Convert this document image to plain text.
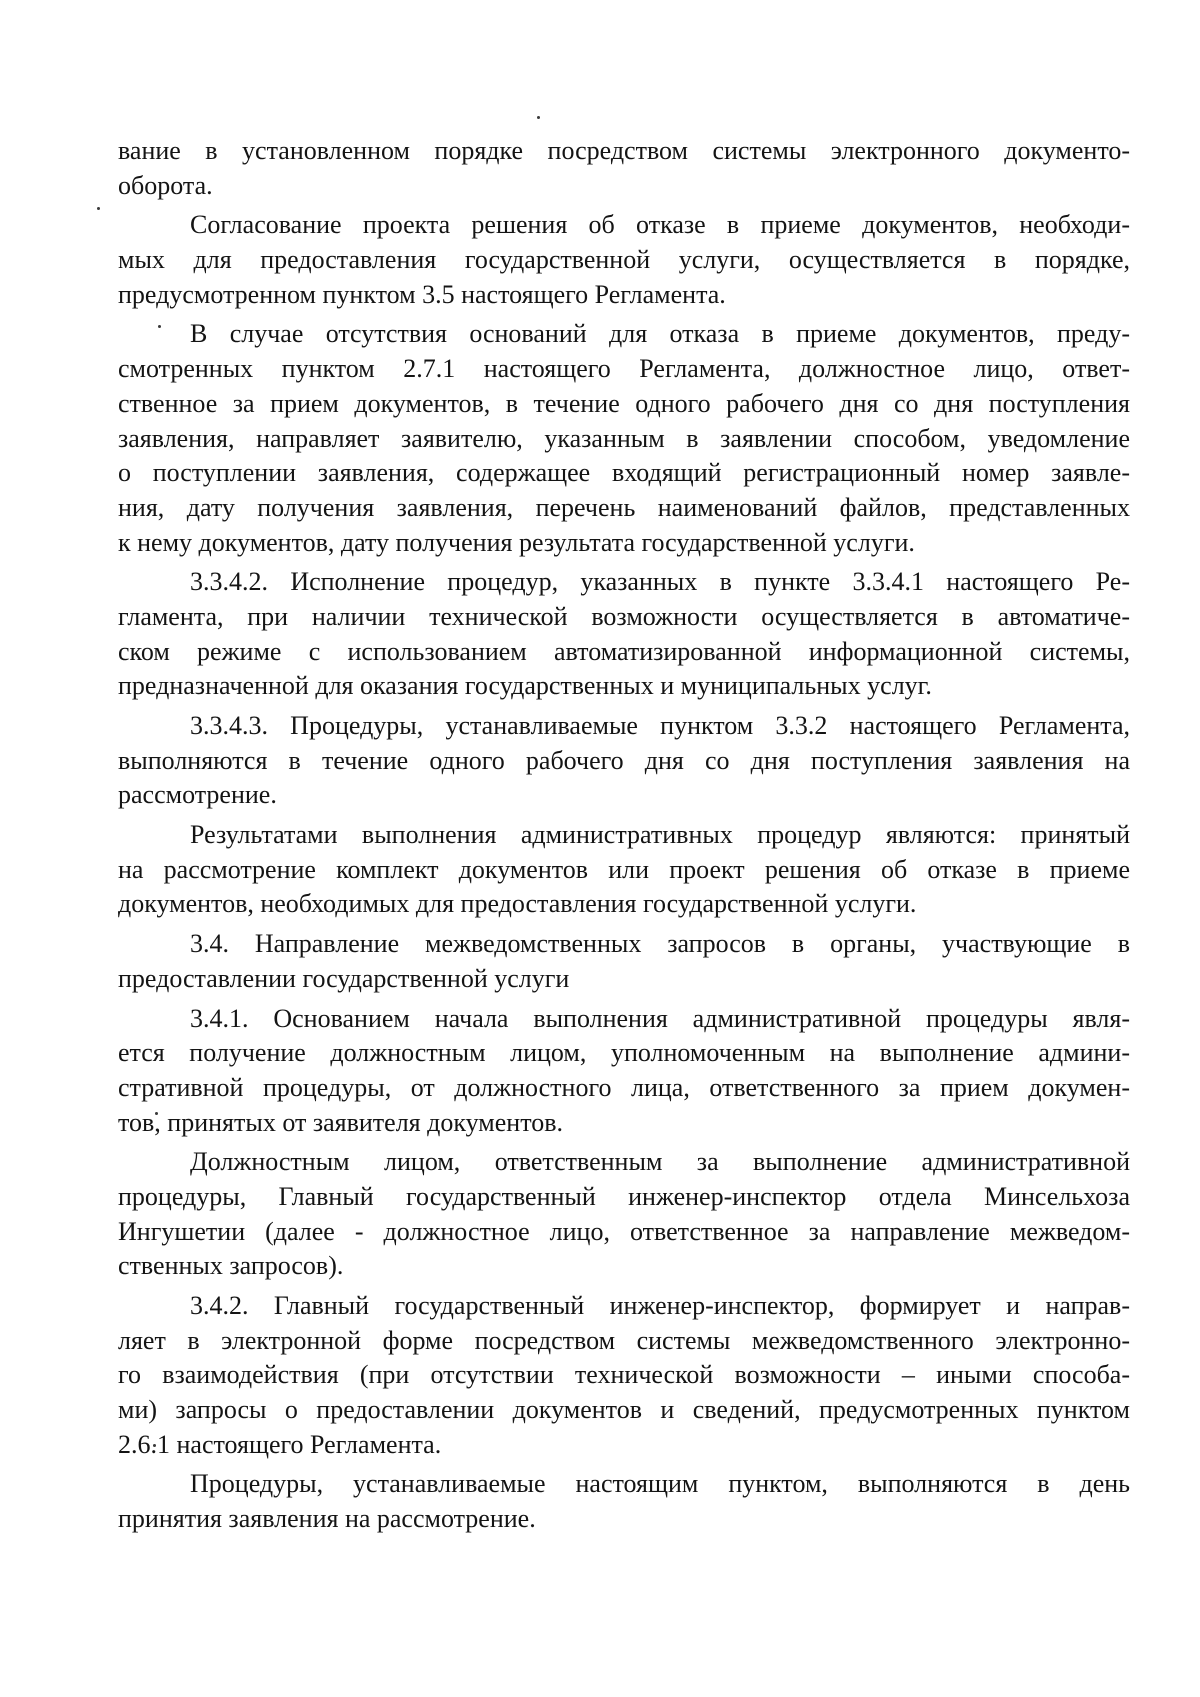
вание в установленном порядке посредством системы электронного документо-
оборота.
Согласование проекта решения об отказе в приеме документов, необходи-
мых для предоставления государственной услуги, осуществляется в порядке,
предусмотренном пунктом 3.5 настоящего Регламента.
В случае отсутствия оснований для отказа в приеме документов, преду-
смотренных пунктом 2.7.1 настоящего Регламента, должностное лицо, ответ-
ственное за прием документов, в течение одного рабочего дня со дня поступления
заявления, направляет заявителю, указанным в заявлении способом, уведомление
о поступлении заявления, содержащее входящий регистрационный номер заявле-
ния, дату получения заявления, перечень наименований файлов, представленных
к нему документов, дату получения результата государственной услуги.
3.3.4.2. Исполнение процедур, указанных в пункте 3.3.4.1 настоящего Ре-
гламента, при наличии технической возможности осуществляется в автоматиче-
ском режиме с использованием автоматизированной информационной системы,
предназначенной для оказания государственных и муниципальных услуг.
3.3.4.3. Процедуры, устанавливаемые пунктом 3.3.2 настоящего Регламента,
выполняются в течение одного рабочего дня со дня поступления заявления на
рассмотрение.
Результатами выполнения административных процедур являются: принятый
на рассмотрение комплект документов или проект решения об отказе в приеме
документов, необходимых для предоставления государственной услуги.
3.4. Направление межведомственных запросов в органы, участвующие в
предоставлении государственной услуги
3.4.1. Основанием начала выполнения административной процедуры явля-
ется получение должностным лицом, уполномоченным на выполнение админи-
стративной процедуры, от должностного лица, ответственного за прием докумен-
тов, принятых от заявителя документов.
Должностным лицом, ответственным за выполнение административной
процедуры, Главный государственный инженер-инспектор отдела Минсельхоза
Ингушетии (далее - должностное лицо, ответственное за направление межведом-
ственных запросов).
3.4.2. Главный государственный инженер-инспектор, формирует и направ-
ляет в электронной форме посредством системы межведомственного электронно-
го взаимодействия (при отсутствии технической возможности – иными способа-
ми) запросы о предоставлении документов и сведений, предусмотренных пунктом
2.6.1 настоящего Регламента.
Процедуры, устанавливаемые настоящим пунктом, выполняются в день
принятия заявления на рассмотрение.
